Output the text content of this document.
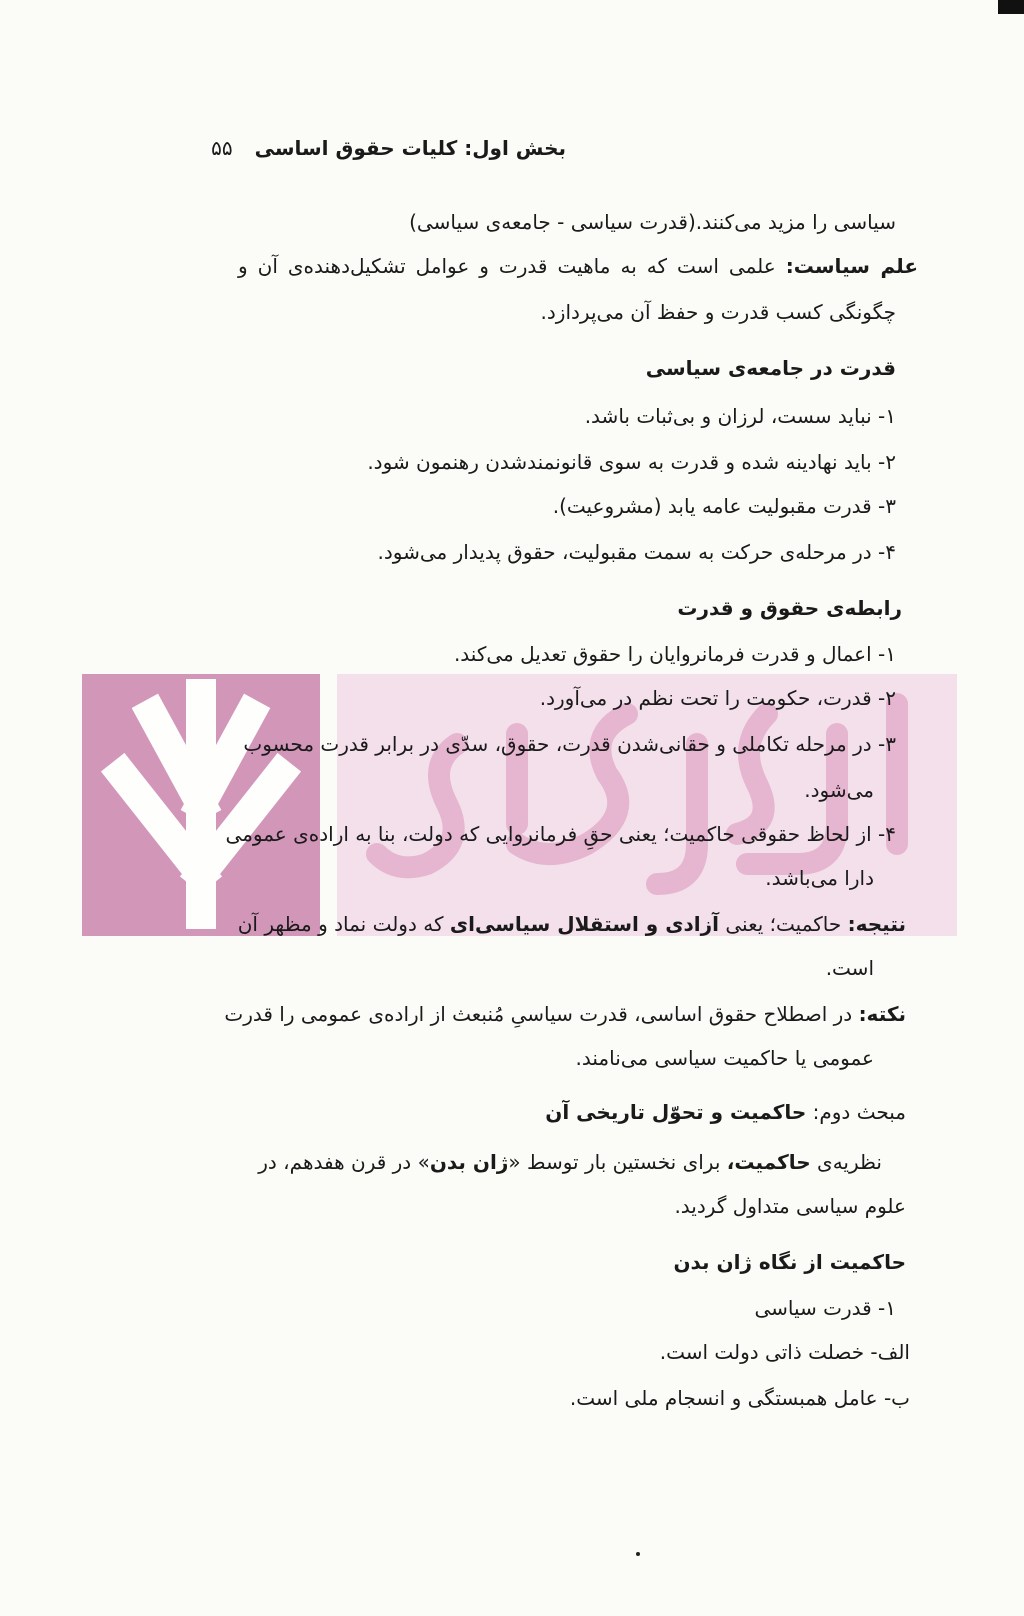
بخش اول: کلیات حقوق اساسی۵۵
سیاسی را مزید می‌کنند.(قدرت سیاسی - جامعه‌ی سیاسی)
علم سیاست: علمی است که به ماهیت قدرت و عوامل تشکیل‌دهنده‌ی آن و
چگونگی کسب قدرت و حفظ آن می‌پردازد.
قدرت در جامعه‌ی سیاسی
۱- نباید سست، لرزان و بی‌ثبات باشد.
۲- باید نهادینه شده و قدرت به سوی قانونمندشدن رهنمون شود.
۳- قدرت مقبولیت عامه یابد (مشروعیت).
۴- در مرحله‌ی حرکت به سمت مقبولیت، حقوق پدیدار می‌شود.
رابطه‌ی حقوق و قدرت
۱- اعمال و قدرت فرمانروایان را حقوق تعدیل می‌کند.
۲- قدرت، حکومت را تحت نظم در می‌آورد.
۳- در مرحله تکاملی و حقانی‌شدن قدرت، حقوق، سدّی در برابر قدرت محسوب
می‌شود.
۴- از لحاظ حقوقی حاکمیت؛ یعنی حقِ فرمانروایی که دولت، بنا به اراده‌ی عمومی
دارا می‌باشد.
نتیجه: حاکمیت؛ یعنی آزادی و استقلال سیاسی‌ای که دولت نماد و مظهر آن
است.
نکته: در اصطلاح حقوق اساسی، قدرت سیاسیِ مُنبعث از اراده‌ی عمومی را قدرت
عمومی یا حاکمیت سیاسی می‌نامند.
مبحث دوم: حاکمیت و تحوّل تاریخی آن
نظریه‌ی حاکمیت، برای نخستین بار توسط «ژان بدن» در قرن هفدهم، در
علوم سیاسی متداول گردید.
حاکمیت از نگاه ژان بدن
۱- قدرت سیاسی
الف- خصلت ذاتی دولت است.
ب- عامل همبستگی و انسجام ملی است.
